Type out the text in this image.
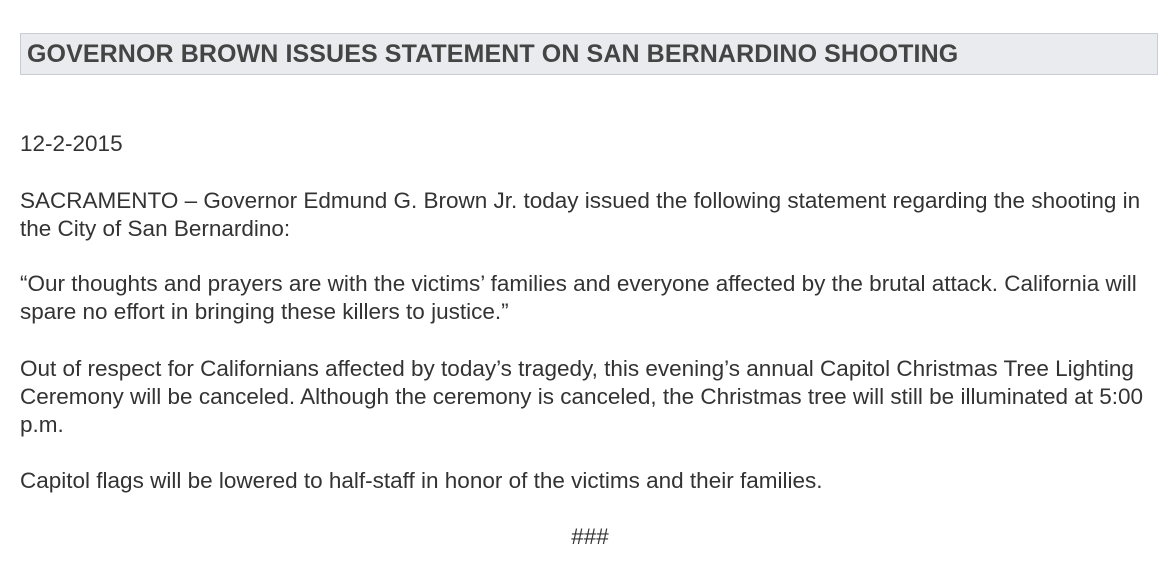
GOVERNOR BROWN ISSUES STATEMENT ON SAN BERNARDINO SHOOTING

12-2-2015

SACRAMENTO – Governor Edmund G. Brown Jr. today issued the following statement regarding the shooting in the City of San Bernardino:

“Our thoughts and prayers are with the victims’ families and everyone affected by the brutal attack. California will spare no effort in bringing these killers to justice.”

Out of respect for Californians affected by today’s tragedy, this evening’s annual Capitol Christmas Tree Lighting Ceremony will be canceled. Although the ceremony is canceled, the Christmas tree will still be illuminated at 5:00 p.m.

Capitol flags will be lowered to half-staff in honor of the victims and their families.

###
